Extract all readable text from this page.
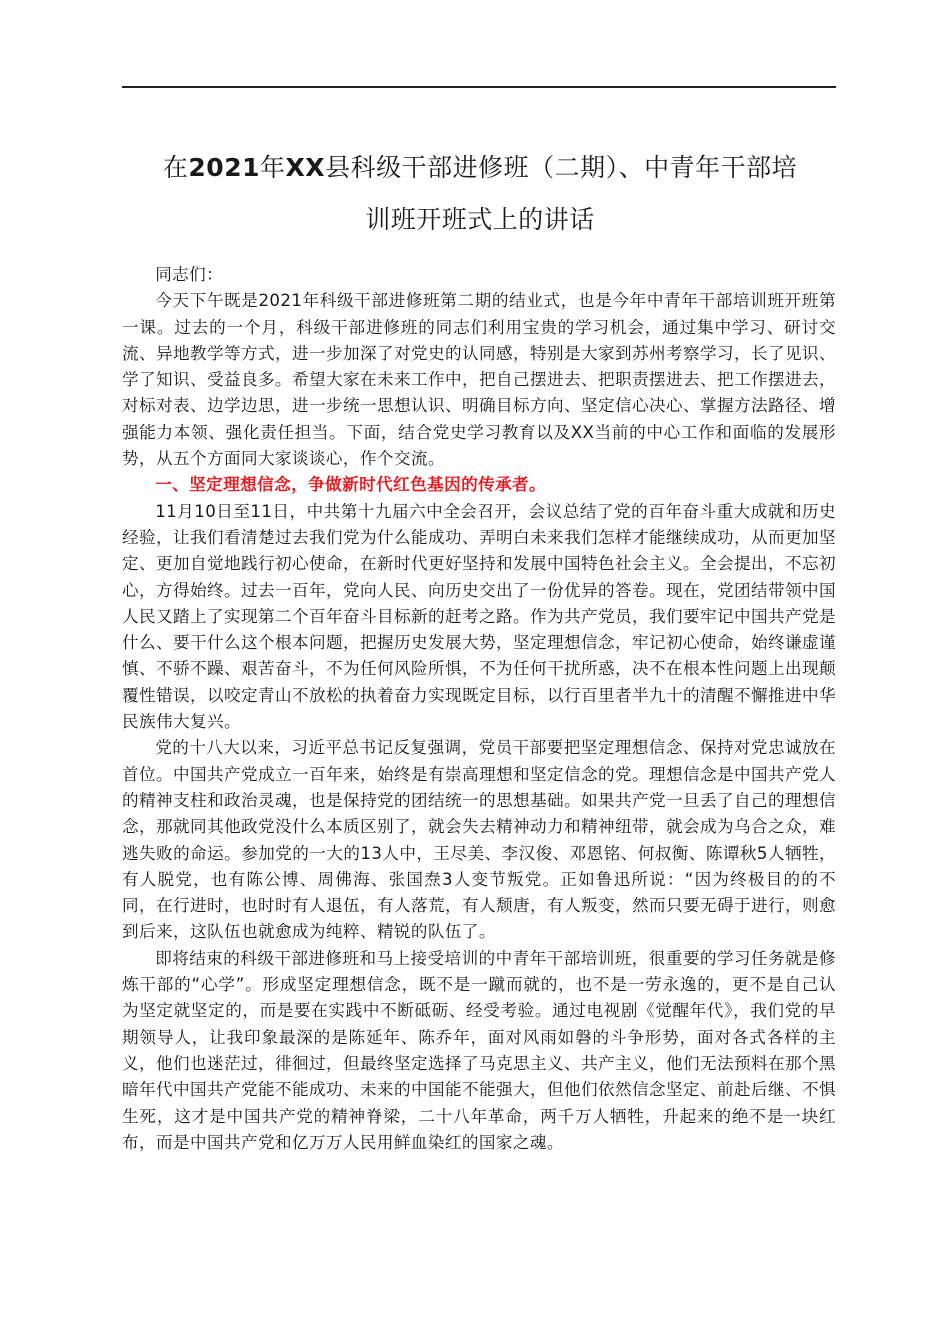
在2021年XX县科级干部进修班（二期）、中青年干部培
训班开班式上的讲话

同志们：

今天下午既是2021年科级干部进修班第二期的结业式，也是今年中青年干部培训班开班第一课。过去的一个月，科级干部进修班的同志们利用宝贵的学习机会，通过集中学习、研讨交流、异地教学等方式，进一步加深了对党史的认同感，特别是大家到苏州考察学习，长了见识、学了知识、受益良多。希望大家在未来工作中，把自己摆进去、把职责摆进去、把工作摆进去，对标对表、边学边思，进一步统一思想认识、明确目标方向、坚定信心决心、掌握方法路径、增强能力本领、强化责任担当。下面，结合党史学习教育以及XX当前的中心工作和面临的发展形势，从五个方面同大家谈谈心，作个交流。

一、坚定理想信念，争做新时代红色基因的传承者。

11月10日至11日，中共第十九届六中全会召开，会议总结了党的百年奋斗重大成就和历史经验，让我们看清楚过去我们党为什么能成功、弄明白未来我们怎样才能继续成功，从而更加坚定、更加自觉地践行初心使命，在新时代更好坚持和发展中国特色社会主义。全会提出，不忘初心，方得始终。过去一百年，党向人民、向历史交出了一份优异的答卷。现在，党团结带领中国人民又踏上了实现第二个百年奋斗目标新的赶考之路。作为共产党员，我们要牢记中国共产党是什么、要干什么这个根本问题，把握历史发展大势，坚定理想信念，牢记初心使命，始终谦虚谨慎、不骄不躁、艰苦奋斗，不为任何风险所惧，不为任何干扰所惑，决不在根本性问题上出现颠覆性错误，以咬定青山不放松的执着奋力实现既定目标，以行百里者半九十的清醒不懈推进中华民族伟大复兴。

党的十八大以来，习近平总书记反复强调，党员干部要把坚定理想信念、保持对党忠诚放在首位。中国共产党成立一百年来，始终是有崇高理想和坚定信念的党。理想信念是中国共产党人的精神支柱和政治灵魂，也是保持党的团结统一的思想基础。如果共产党一旦丢了自己的理想信念，那就同其他政党没什么本质区别了，就会失去精神动力和精神纽带，就会成为乌合之众，难逃失败的命运。参加党的一大的13人中，王尽美、李汉俊、邓恩铭、何叔衡、陈谭秋5人牺牲，有人脱党，也有陈公博、周佛海、张国焘3人变节叛党。正如鲁迅所说：“因为终极目的的不同，在行进时，也时时有人退伍，有人落荒，有人颓唐，有人叛变，然而只要无碍于进行，则愈到后来，这队伍也就愈成为纯粹、精锐的队伍了。

即将结束的科级干部进修班和马上接受培训的中青年干部培训班，很重要的学习任务就是修炼干部的“心学”。形成坚定理想信念，既不是一蹴而就的，也不是一劳永逸的，更不是自己认为坚定就坚定的，而是要在实践中不断砥砺、经受考验。通过电视剧《觉醒年代》，我们党的早期领导人，让我印象最深的是陈延年、陈乔年，面对风雨如磐的斗争形势，面对各式各样的主义，他们也迷茫过，徘徊过，但最终坚定选择了马克思主义、共产主义，他们无法预料在那个黑暗年代中国共产党能不能成功、未来的中国能不能强大，但他们依然信念坚定、前赴后继、不惧生死，这才是中国共产党的精神脊梁，二十八年革命，两千万人牺牲，升起来的绝不是一块红布，而是中国共产党和亿万万人民用鲜血染红的国家之魂。
